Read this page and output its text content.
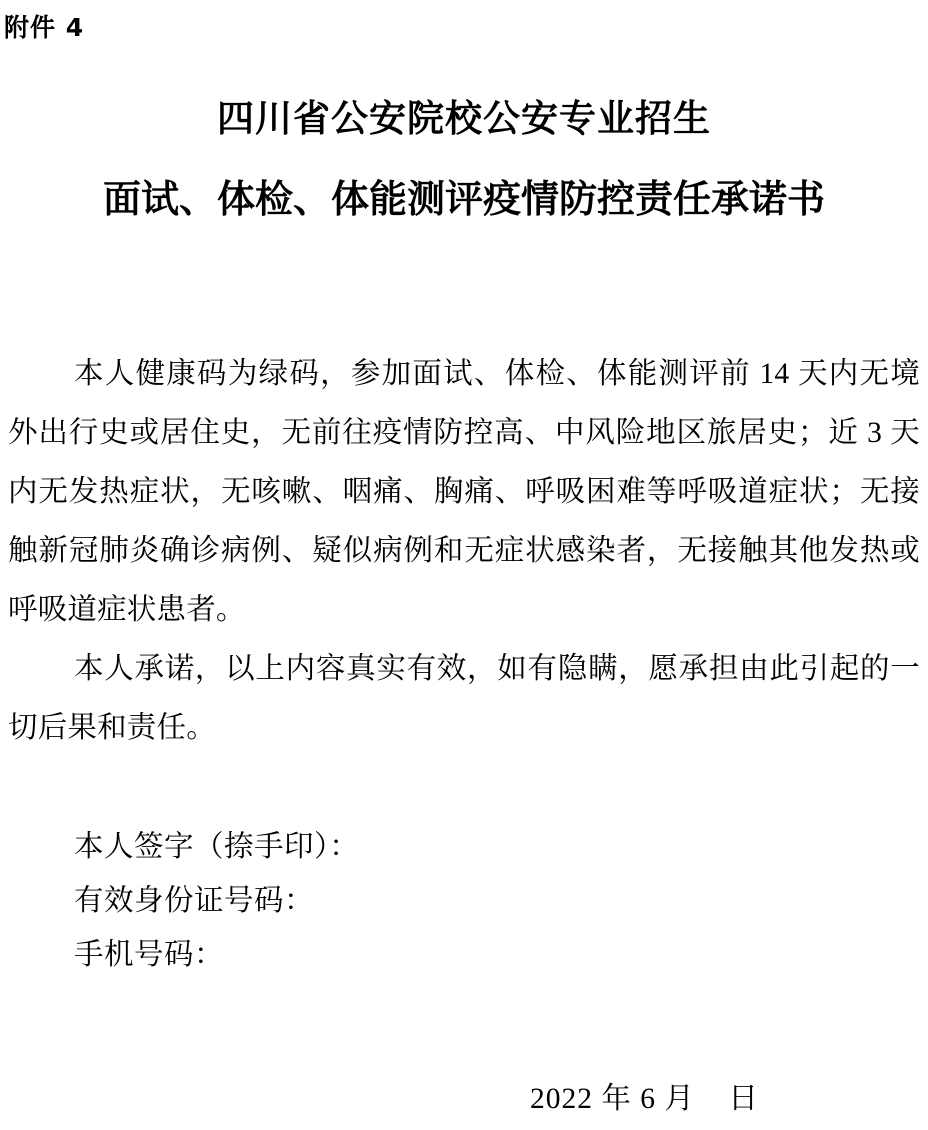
附件 4
四川省公安院校公安专业招生
面试、体检、体能测评疫情防控责任承诺书
本人健康码为绿码，参加面试、体检、体能测评前 14 天内无境外出行史或居住史，无前往疫情防控高、中风险地区旅居史；近 3 天内无发热症状，无咳嗽、咽痛、胸痛、呼吸困难等呼吸道症状；无接触新冠肺炎确诊病例、疑似病例和无症状感染者，无接触其他发热或呼吸道症状患者。
本人承诺，以上内容真实有效，如有隐瞒，愿承担由此引起的一切后果和责任。
本人签字（捺手印）：
有效身份证号码：
手机号码：
2022 年 6 月    日
